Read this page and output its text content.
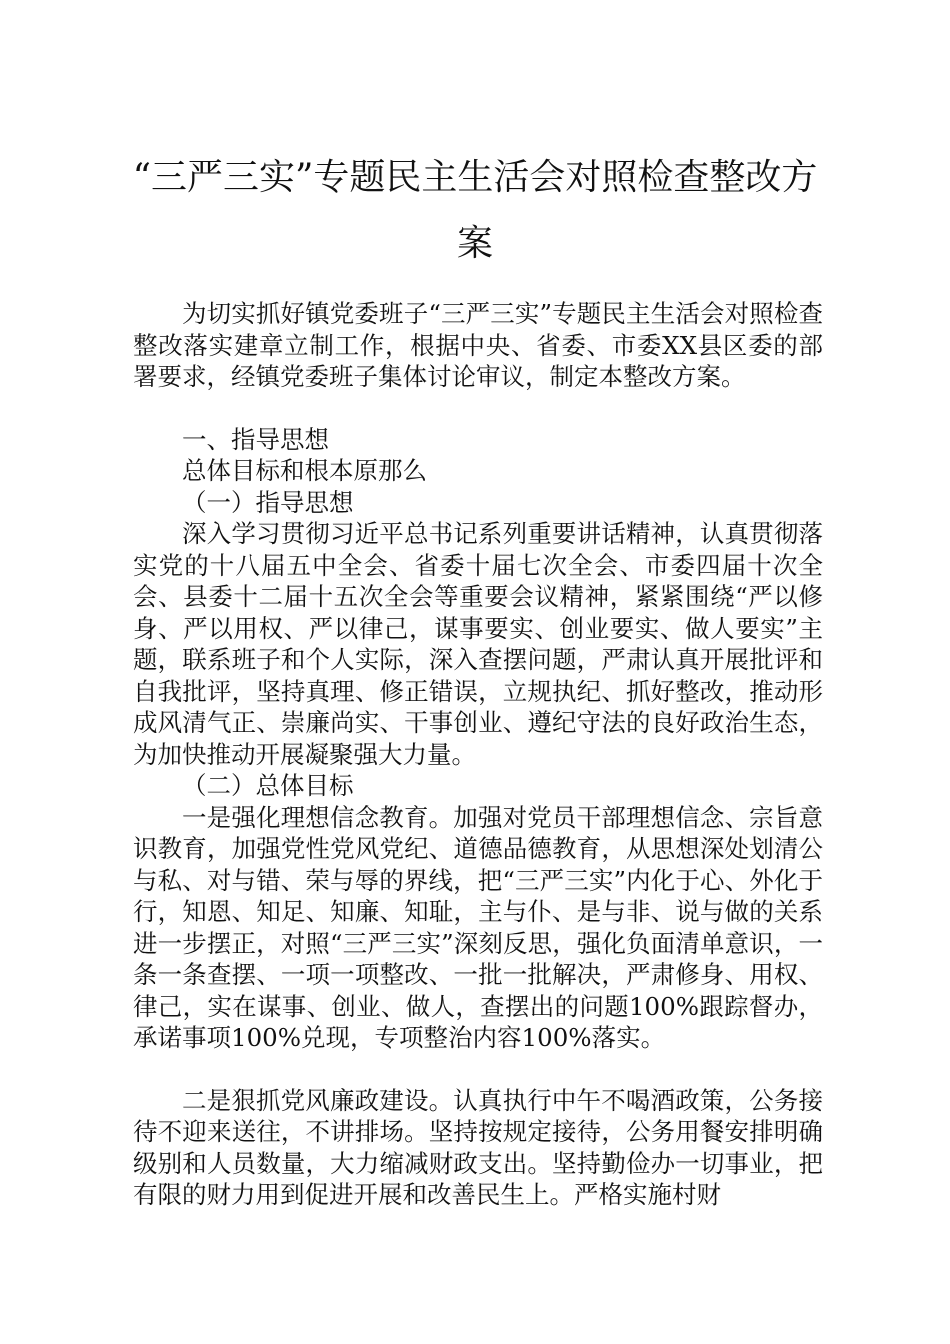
“三严三实”专题民主生活会对照检查整改方案

为切实抓好镇党委班子“三严三实”专题民主生活会对照检查整改落实建章立制工作，根据中央、省委、市委XX县区委的部署要求，经镇党委班子集体讨论审议，制定本整改方案。

一、指导思想

总体目标和根本原那么

（一）指导思想

深入学习贯彻习近平总书记系列重要讲话精神，认真贯彻落实党的十八届五中全会、省委十届七次全会、市委四届十次全会、县委十二届十五次全会等重要会议精神，紧紧围绕“严以修身、严以用权、严以律己，谋事要实、创业要实、做人要实”主题，联系班子和个人实际，深入查摆问题，严肃认真开展批评和自我批评，坚持真理、修正错误，立规执纪、抓好整改，推动形成风清气正、崇廉尚实、干事创业、遵纪守法的良好政治生态，为加快推动开展凝聚强大力量。

（二）总体目标

一是强化理想信念教育。加强对党员干部理想信念、宗旨意识教育，加强党性党风党纪、道德品德教育，从思想深处划清公与私、对与错、荣与辱的界线，把“三严三实”内化于心、外化于行，知恩、知足、知廉、知耻，主与仆、是与非、说与做的关系进一步摆正，对照“三严三实”深刻反思，强化负面清单意识，一条一条查摆、一项一项整改、一批一批解决，严肃修身、用权、律己，实在谋事、创业、做人，查摆出的问题100%跟踪督办，承诺事项100%兑现，专项整治内容100%落实。

二是狠抓党风廉政建设。认真执行中午不喝酒政策，公务接待不迎来送往，不讲排场。坚持按规定接待，公务用餐安排明确级别和人员数量，大力缩减财政支出。坚持勤俭办一切事业，把有限的财力用到促进开展和改善民生上。严格实施村财
